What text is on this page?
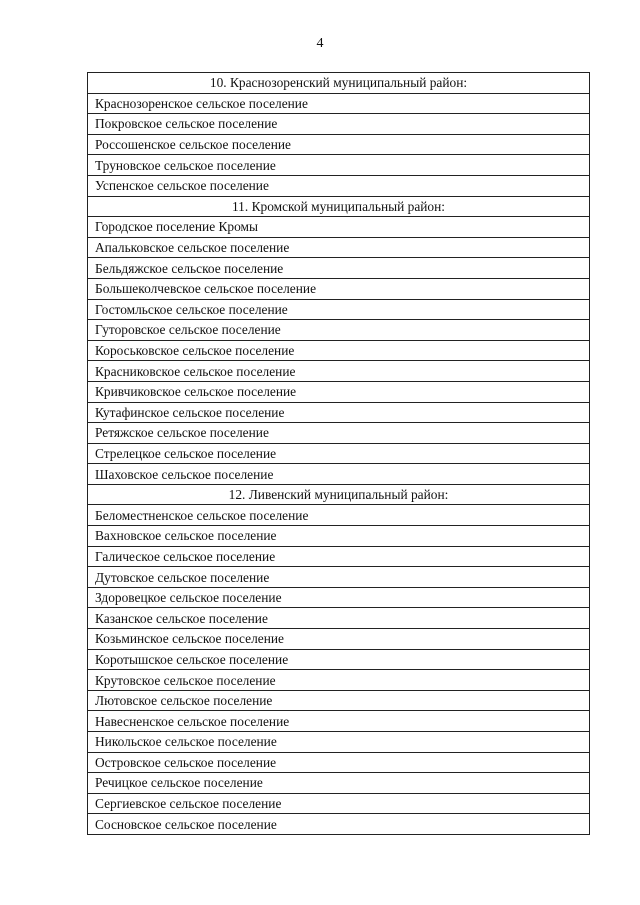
4
10. Краснозоренский муниципальный район:
Краснозоренское сельское поселение
Покровское сельское поселение
Россошенское сельское поселение
Труновское сельское поселение
Успенское сельское поселение
11. Кромской муниципальный район:
Городское поселение Кромы
Апальковское сельское поселение
Бельдяжское сельское поселение
Большеколчевское сельское поселение
Гостомльское сельское поселение
Гуторовское сельское поселение
Короськовское сельское поселение
Красниковское сельское поселение
Кривчиковское сельское поселение
Кутафинское сельское поселение
Ретяжское сельское поселение
Стрелецкое сельское поселение
Шаховское сельское поселение
12. Ливенский муниципальный район:
Беломестненское сельское поселение
Вахновское сельское поселение
Галическое сельское поселение
Дутовское сельское поселение
Здоровецкое сельское поселение
Казанское сельское поселение
Козьминское сельское поселение
Коротышское сельское поселение
Крутовское сельское поселение
Лютовское сельское поселение
Навесненское сельское поселение
Никольское сельское поселение
Островское сельское поселение
Речицкое сельское поселение
Сергиевское сельское поселение
Сосновское сельское поселение
